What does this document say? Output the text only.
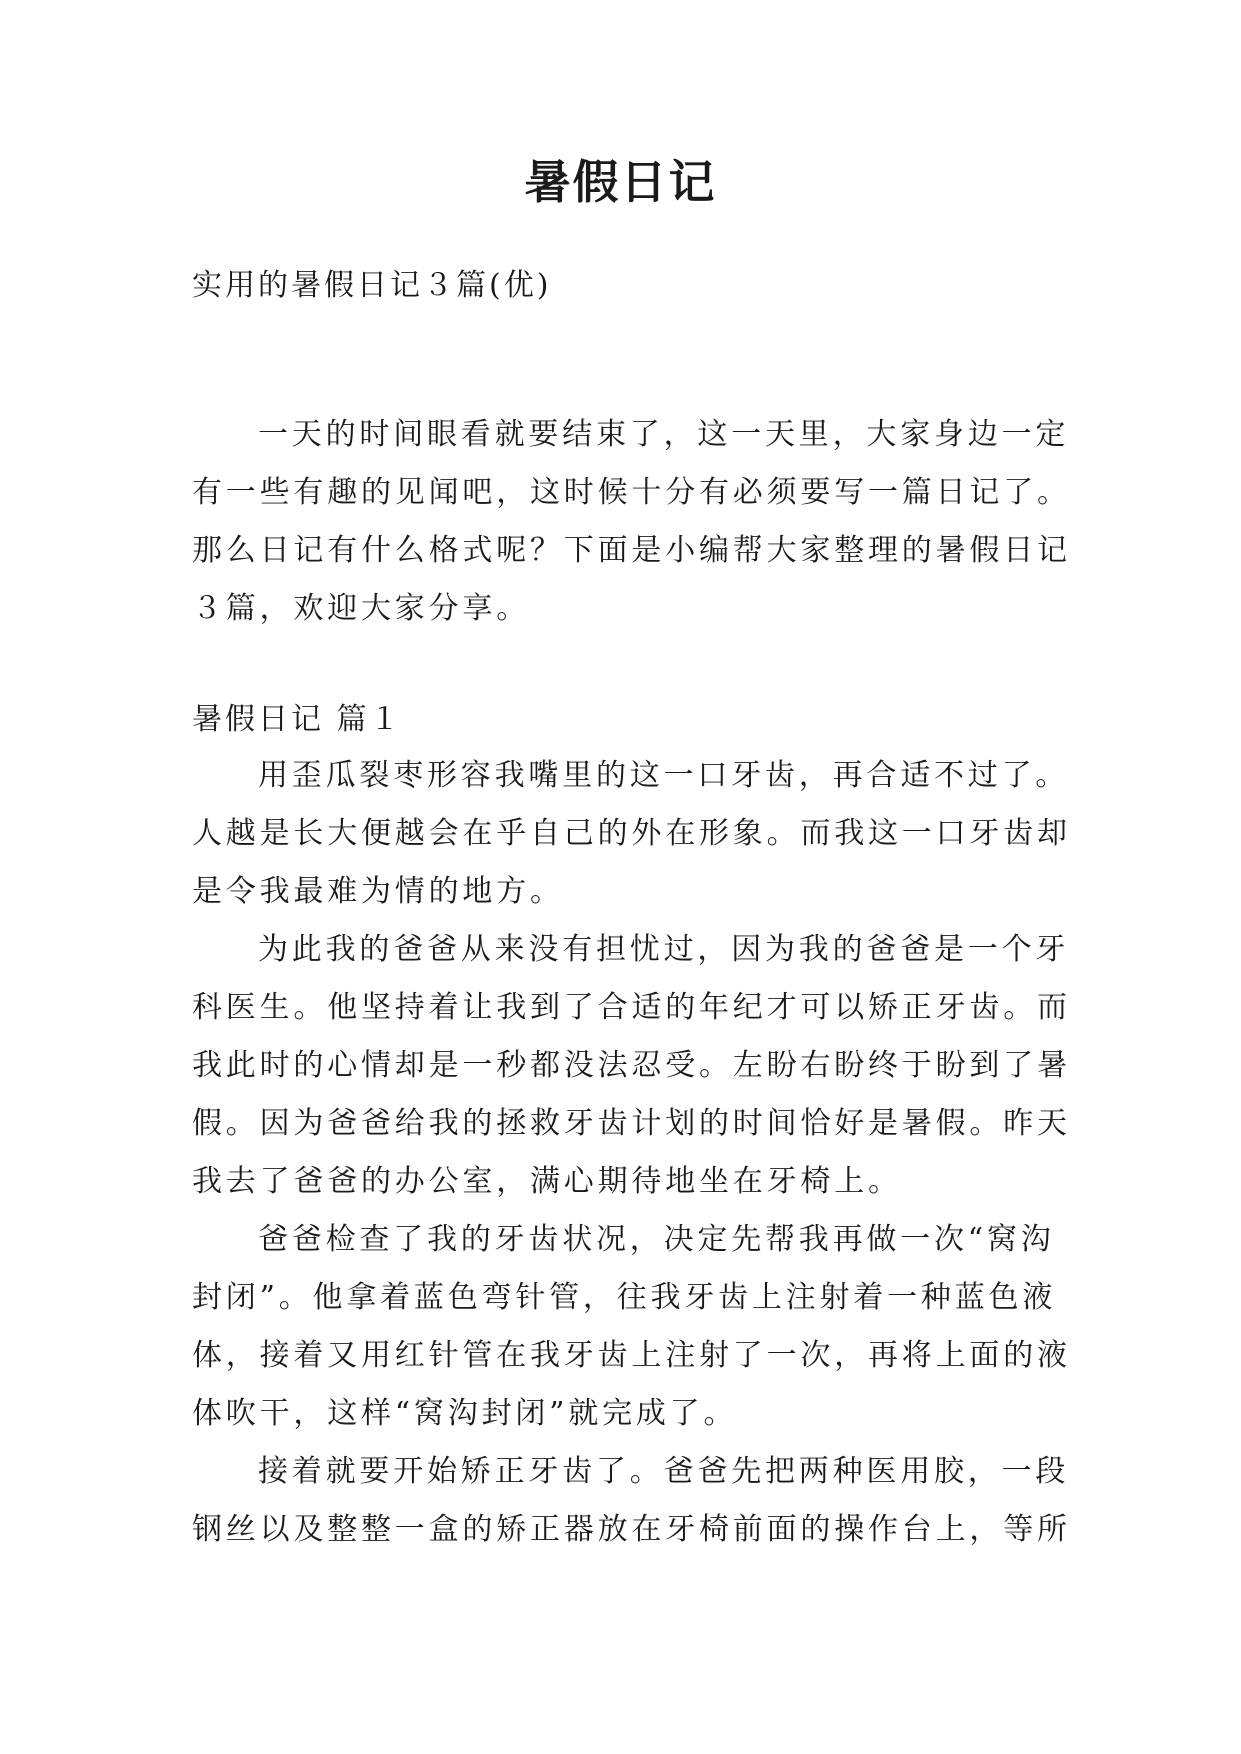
暑假日记

实用的暑假日记３篇(优)

一天的时间眼看就要结束了，这一天里，大家身边一定有一些有趣的见闻吧，这时候十分有必须要写一篇日记了。那么日记有什么格式呢？下面是小编帮大家整理的暑假日记３篇，欢迎大家分享。

暑假日记 篇１

用歪瓜裂枣形容我嘴里的这一口牙齿，再合适不过了。人越是长大便越会在乎自己的外在形象。而我这一口牙齿却是令我最难为情的地方。

为此我的爸爸从来没有担忧过，因为我的爸爸是一个牙科医生。他坚持着让我到了合适的年纪才可以矫正牙齿。而我此时的心情却是一秒都没法忍受。左盼右盼终于盼到了暑假。因为爸爸给我的拯救牙齿计划的时间恰好是暑假。昨天我去了爸爸的办公室，满心期待地坐在牙椅上。

爸爸检查了我的牙齿状况，决定先帮我再做一次“窝沟封闭”。他拿着蓝色弯针管，往我牙齿上注射着一种蓝色液体，接着又用红针管在我牙齿上注射了一次，再将上面的液体吹干，这样“窝沟封闭”就完成了。

接着就要开始矫正牙齿了。爸爸先把两种医用胶，一段钢丝以及整整一盒的矫正器放在牙椅前面的操作台上，等所
